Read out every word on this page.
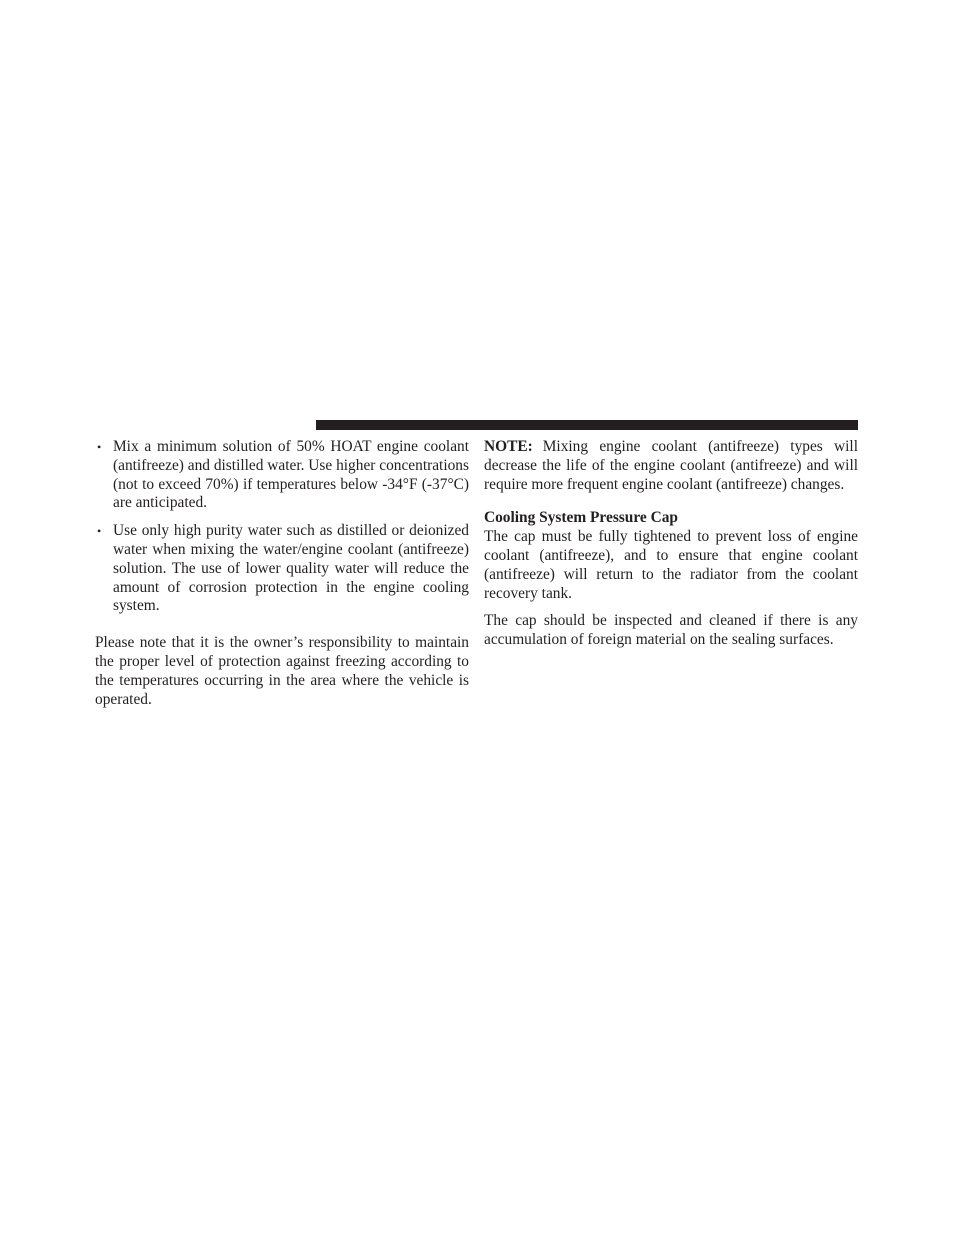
• Mix a minimum solution of 50% HOAT engine coolant (antifreeze) and distilled water. Use higher concentrations (not to exceed 70%) if temperatures below -34°F (-37°C) are anticipated.
• Use only high purity water such as distilled or deionized water when mixing the water/engine coolant (antifreeze) solution. The use of lower quality water will reduce the amount of corrosion protection in the engine cooling system.

Please note that it is the owner’s responsibility to maintain the proper level of protection against freezing according to the temperatures occurring in the area where the vehicle is operated.

NOTE: Mixing engine coolant (antifreeze) types will decrease the life of the engine coolant (antifreeze) and will require more frequent engine coolant (antifreeze) changes.

Cooling System Pressure Cap

The cap must be fully tightened to prevent loss of engine coolant (antifreeze), and to ensure that engine coolant (antifreeze) will return to the radiator from the coolant recovery tank.

The cap should be inspected and cleaned if there is any accumulation of foreign material on the sealing surfaces.
